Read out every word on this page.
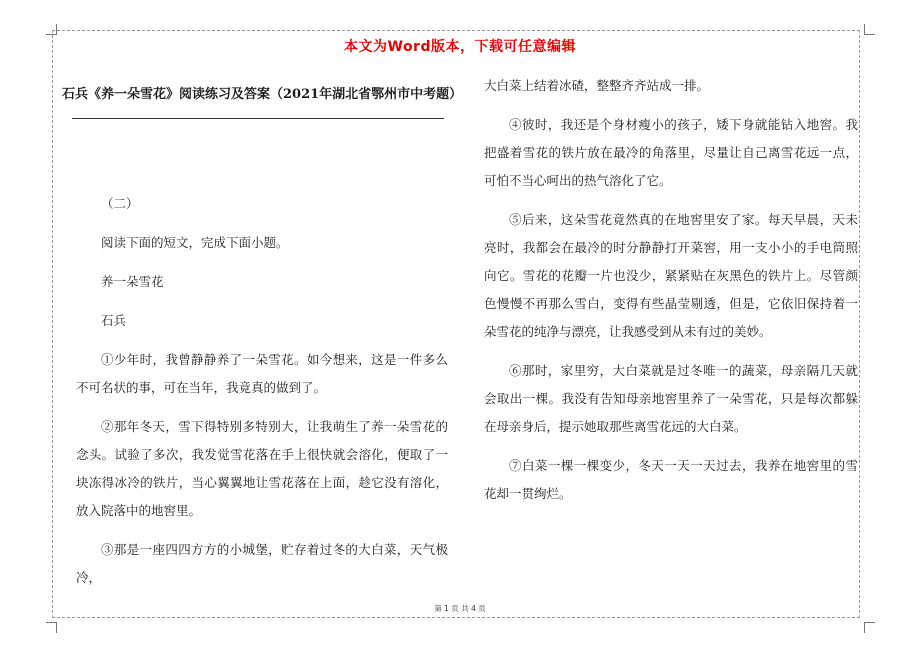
本文为Word版本，下载可任意编辑
石兵《养一朵雪花》阅读练习及答案（2021年湖北省鄂州市中考题）

（二）

阅读下面的短文，完成下面小题。

养一朵雪花

石兵

①少年时，我曾静静养了一朵雪花。如今想来，这是一件多么不可名状的事，可在当年，我竟真的做到了。

②那年冬天，雪下得特别多特别大，让我萌生了养一朵雪花的念头。试验了多次，我发觉雪花落在手上很快就会溶化，便取了一块冻得冰冷的铁片，当心翼翼地让雪花落在上面，趁它没有溶化，放入院落中的地窖里。

③那是一座四四方方的小城堡，贮存着过冬的大白菜，天气极冷，

大白菜上结着冰碴，整整齐齐站成一排。

④彼时，我还是个身材瘦小的孩子，矮下身就能钻入地窖。我把盛着雪花的铁片放在最冷的角落里，尽量让自己离雪花远一点，可怕不当心呵出的热气溶化了它。

⑤后来，这朵雪花竟然真的在地窖里安了家。每天早晨，天未亮时，我都会在最冷的时分静静打开菜窖，用一支小小的手电筒照向它。雪花的花瓣一片也没少，紧紧贴在灰黑色的铁片上。尽管颜色慢慢不再那么雪白，变得有些晶莹剔透，但是，它依旧保持着一朵雪花的纯净与漂亮，让我感受到从未有过的美妙。

⑥那时，家里穷，大白菜就是过冬唯一的蔬菜，母亲隔几天就会取出一棵。我没有告知母亲地窖里养了一朵雪花，只是每次都躲在母亲身后，提示她取那些离雪花远的大白菜。

⑦白菜一棵一棵变少，冬天一天一天过去，我养在地窖里的雪花却一贯绚烂。

第 1 页 共 4 页
